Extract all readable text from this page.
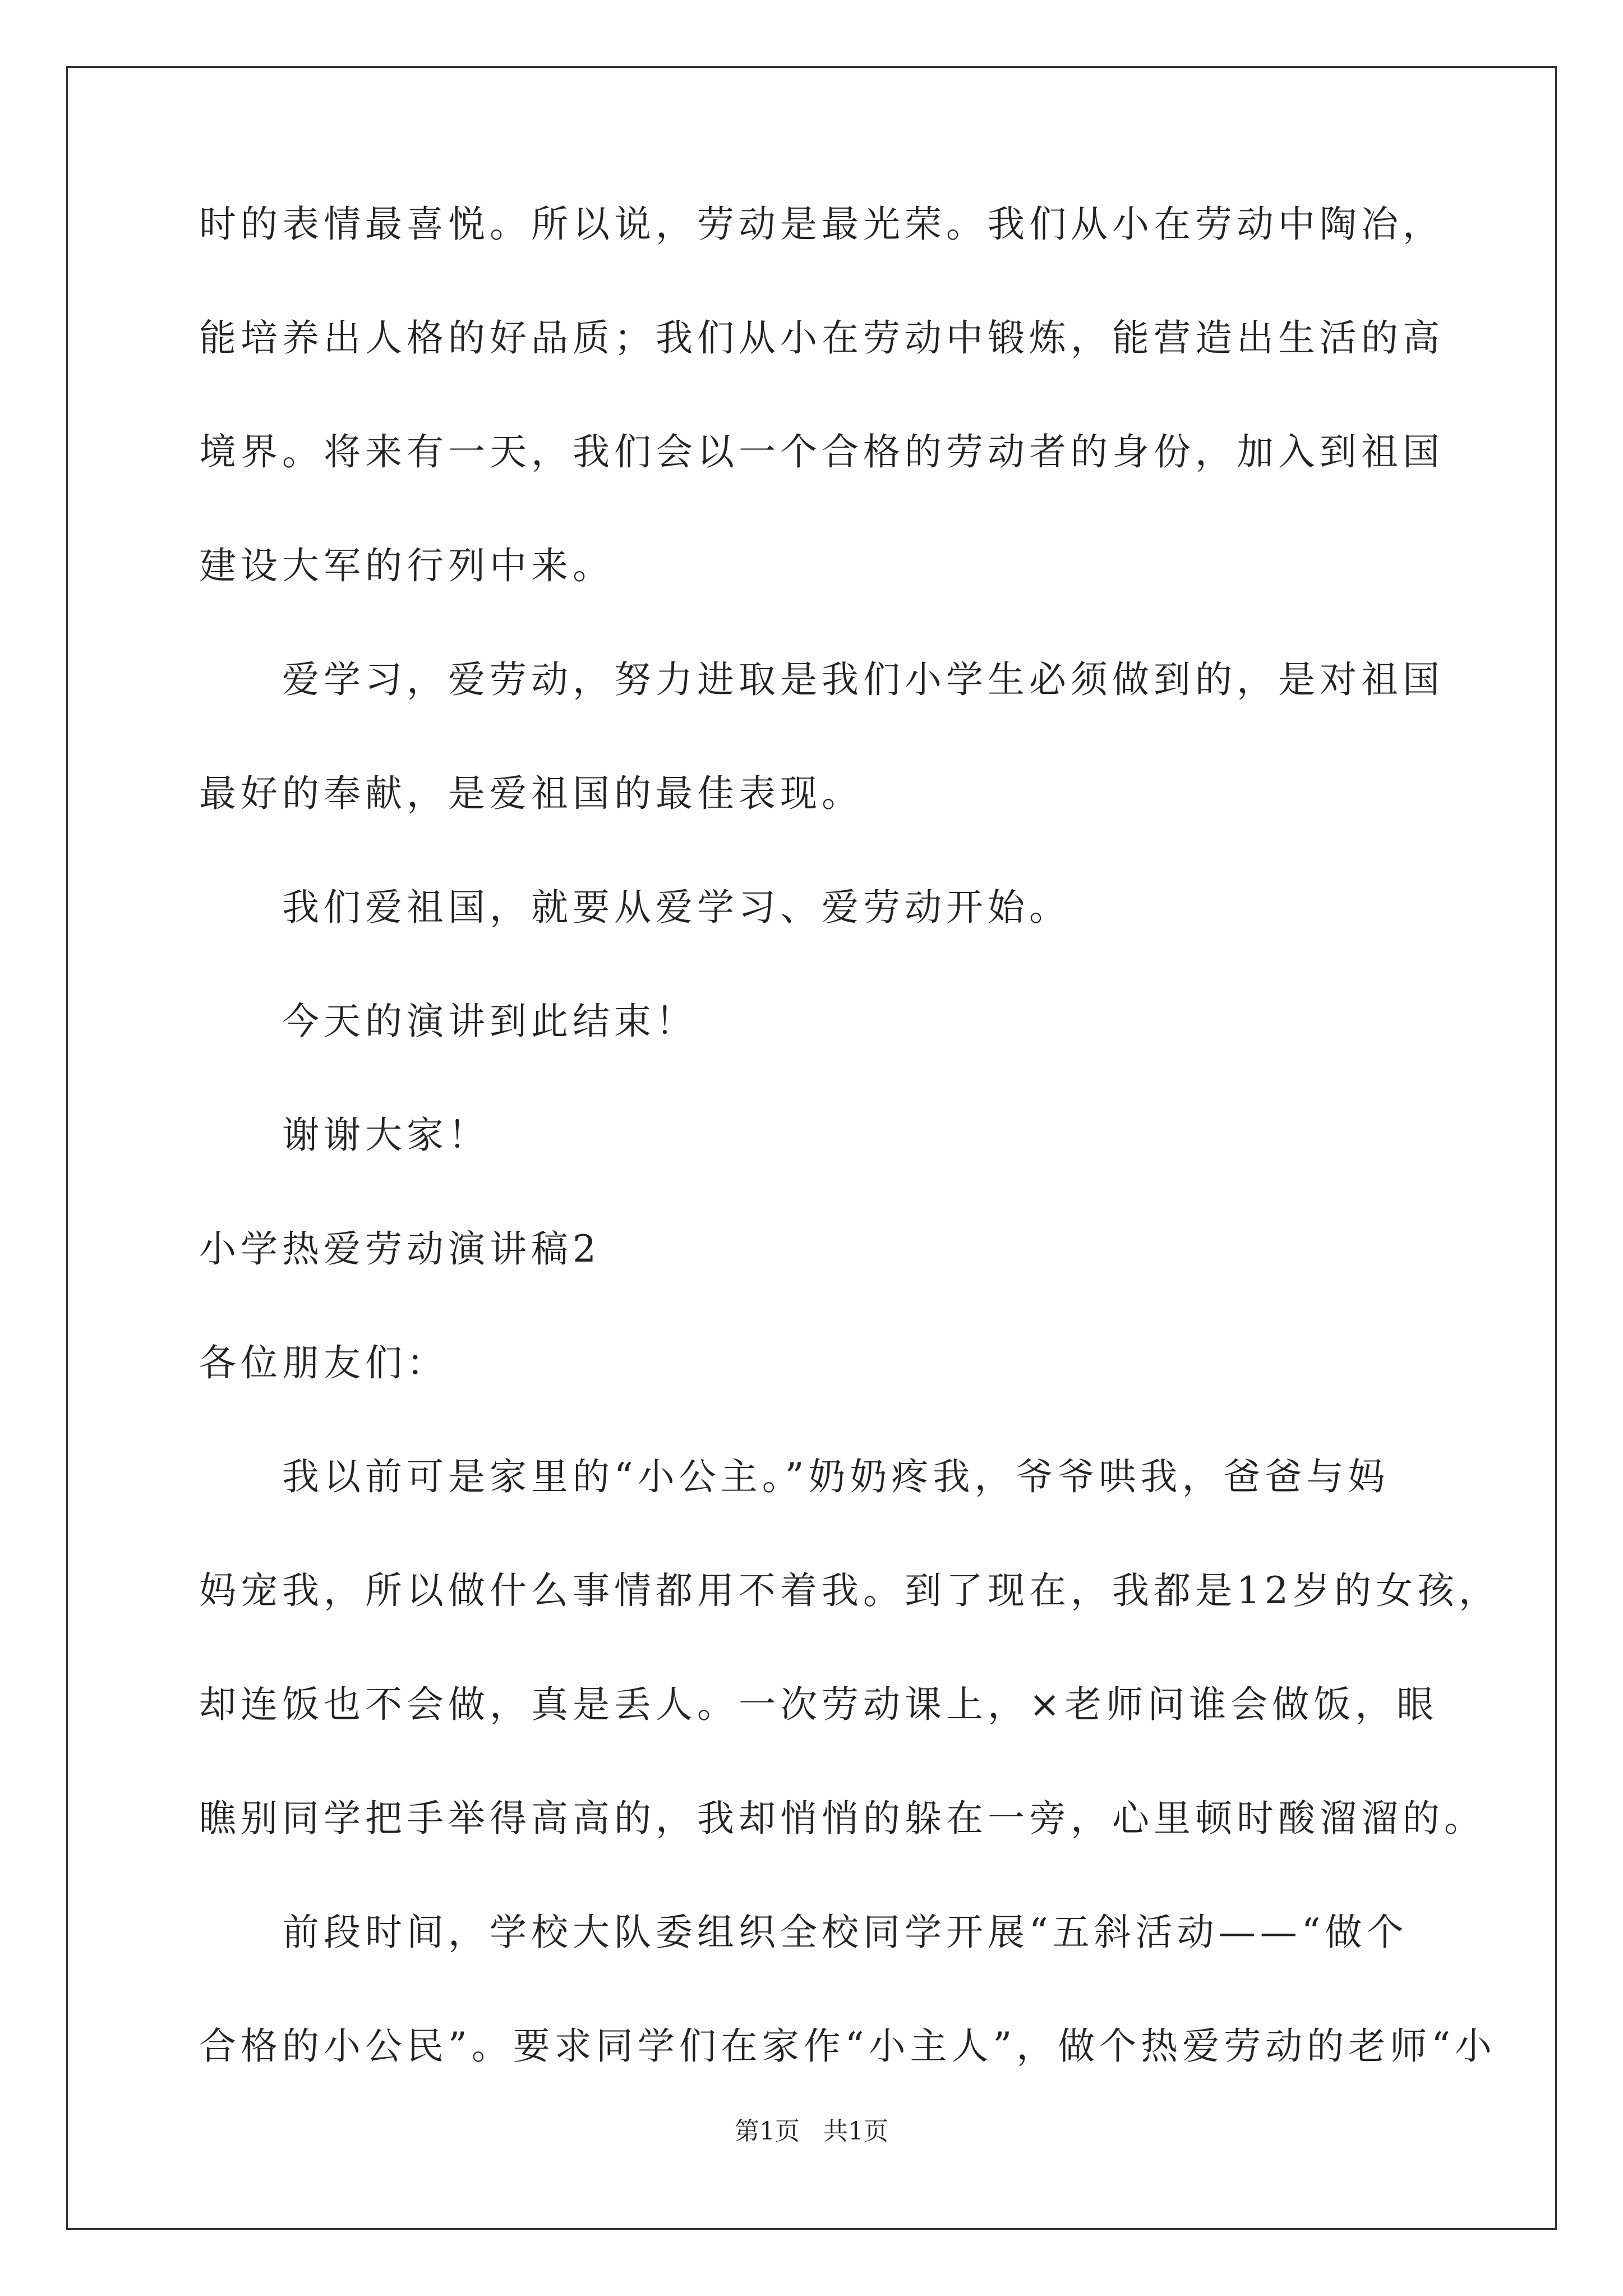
时的表情最喜悦。所以说，劳动是最光荣。我们从小在劳动中陶冶，
能培养出人格的好品质；我们从小在劳动中锻炼，能营造出生活的高
境界。将来有一天，我们会以一个合格的劳动者的身份，加入到祖国
建设大军的行列中来。
爱学习，爱劳动，努力进取是我们小学生必须做到的，是对祖国
最好的奉献，是爱祖国的最佳表现。
我们爱祖国，就要从爱学习、爱劳动开始。
今天的演讲到此结束！
谢谢大家！
小学热爱劳动演讲稿2
各位朋友们：
我以前可是家里的“小公主。”奶奶疼我，爷爷哄我，爸爸与妈
妈宠我，所以做什么事情都用不着我。到了现在，我都是12岁的女孩，
却连饭也不会做，真是丢人。一次劳动课上，×老师问谁会做饭，眼
瞧别同学把手举得高高的，我却悄悄的躲在一旁，心里顿时酸溜溜的。
前段时间，学校大队委组织全校同学开展“五斜活动——“做个
合格的小公民”。要求同学们在家作“小主人”，做个热爱劳动的老师“小
第1页 共1页
